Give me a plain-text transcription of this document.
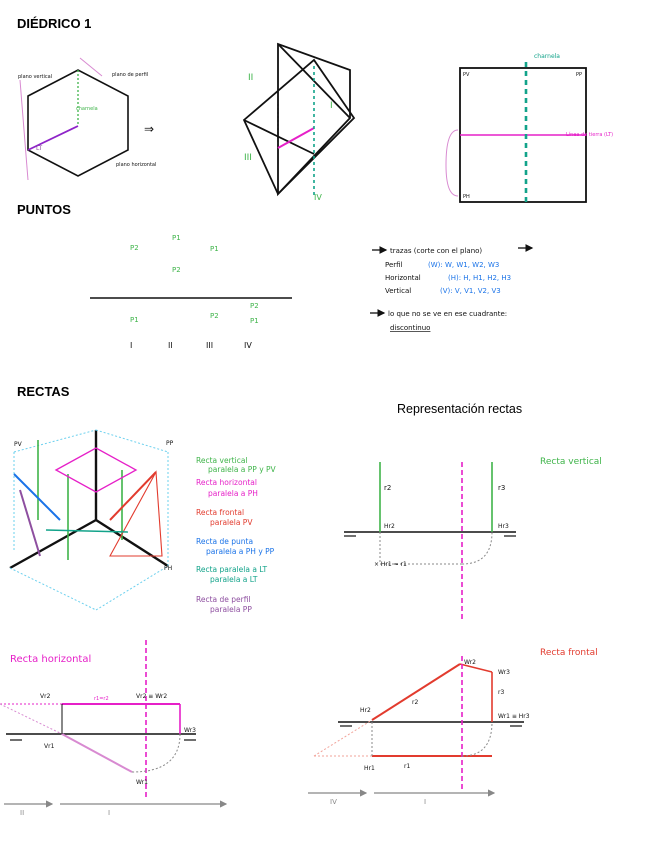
DIÉDRICO 1
PUNTOS
RECTAS
Representación rectas
plano vertical	plano de perfil
charnela
LT
plano horizontal
⇒
II
I
III
IV
PV	PP
PH
charnela
Línea de tierra (LT)
P2
P1
P1
P2
P1	P2
P2
P1
I	II	III	IV
trazas (corte con el plano)
Perfil	(W): W, W1, W2, W3
Horizontal	(H): H, H1, H2, H3
Vertical	(V): V, V1, V2, V3
lo que no se ve en ese cuadrante:
discontinuo
PV	PP
PH
Recta vertical
paralela a PP y PV
Recta horizontal
paralela a PH
Recta frontal
paralela PV
Recta de punta
paralela a PH y PP
Recta paralela a LT
paralela a LT
Recta de perfil
paralela PP
Recta vertical
r2	r3
Hr2	Hr3
× Hr1 = r1
Recta horizontal
Vr2	r1=r2	Vr2 ≡ Wr2
Vr1
Wr3
Wr1
II	I
Recta frontal
Wr2
Wr3
r3
r2
Hr2
Wr1 ≡ Hr3
Hr1	r1
IV	I
